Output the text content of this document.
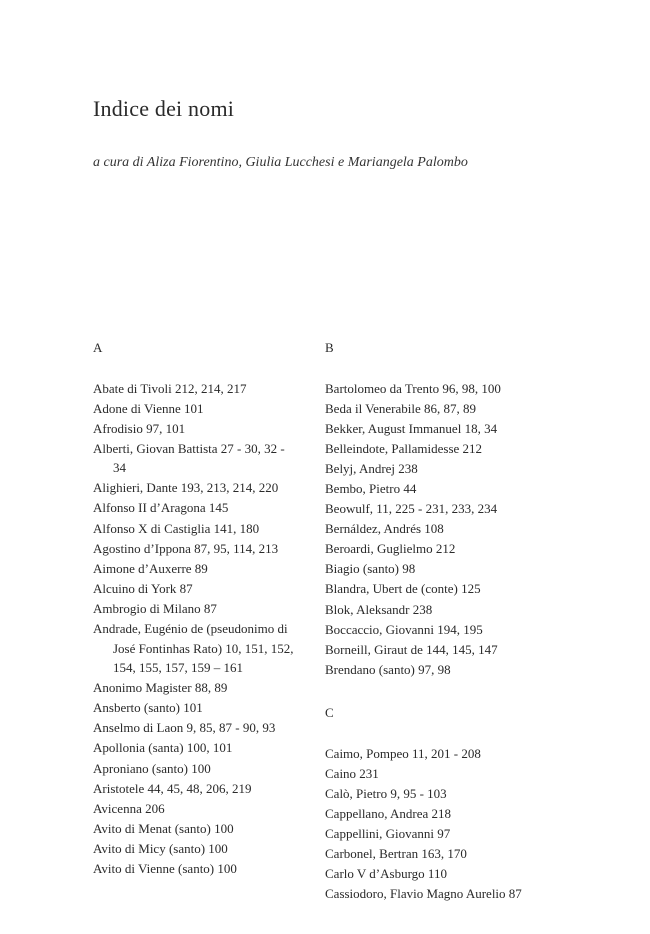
Indice dei nomi
a cura di Aliza Fiorentino, Giulia Lucchesi e Mariangela Palombo
A
Abate di Tivoli 212, 214, 217
Adone di Vienne 101
Afrodisio 97, 101
Alberti, Giovan Battista 27 - 30, 32 - 34
Alighieri, Dante 193, 213, 214, 220
Alfonso II d’Aragona 145
Alfonso X di Castiglia 141, 180
Agostino d’Ippona 87, 95, 114, 213
Aimone d’Auxerre 89
Alcuino di York 87
Ambrogio di Milano 87
Andrade, Eugénio de (pseudonimo di José Fontinhas Rato) 10, 151, 152, 154, 155, 157, 159 – 161
Anonimo Magister 88, 89
Ansberto (santo) 101
Anselmo di Laon 9, 85, 87 - 90, 93
Apollonia (santa) 100, 101
Aproniano (santo) 100
Aristotele 44, 45, 48, 206, 219
Avicenna 206
Avito di Menat (santo) 100
Avito di Micy (santo) 100
Avito di Vienne (santo) 100
B
Bartolomeo da Trento 96, 98, 100
Beda il Venerabile 86, 87, 89
Bekker, August Immanuel 18, 34
Belleindote, Pallamidesse 212
Belyj, Andrej 238
Bembo, Pietro 44
Beowulf, 11, 225 - 231, 233, 234
Bernáldez, Andrés 108
Beroardi, Guglielmo 212
Biagio (santo) 98
Blandra, Ubert de (conte) 125
Blok, Aleksandr 238
Boccaccio, Giovanni 194, 195
Borneill, Giraut de 144, 145, 147
Brendano (santo) 97, 98
C
Caimo, Pompeo 11, 201 - 208
Caino 231
Calò, Pietro 9, 95 - 103
Cappellano, Andrea 218
Cappellini, Giovanni 97
Carbonel, Bertran 163, 170
Carlo V d’Asburgo 110
Cassiodoro, Flavio Magno Aurelio 87
